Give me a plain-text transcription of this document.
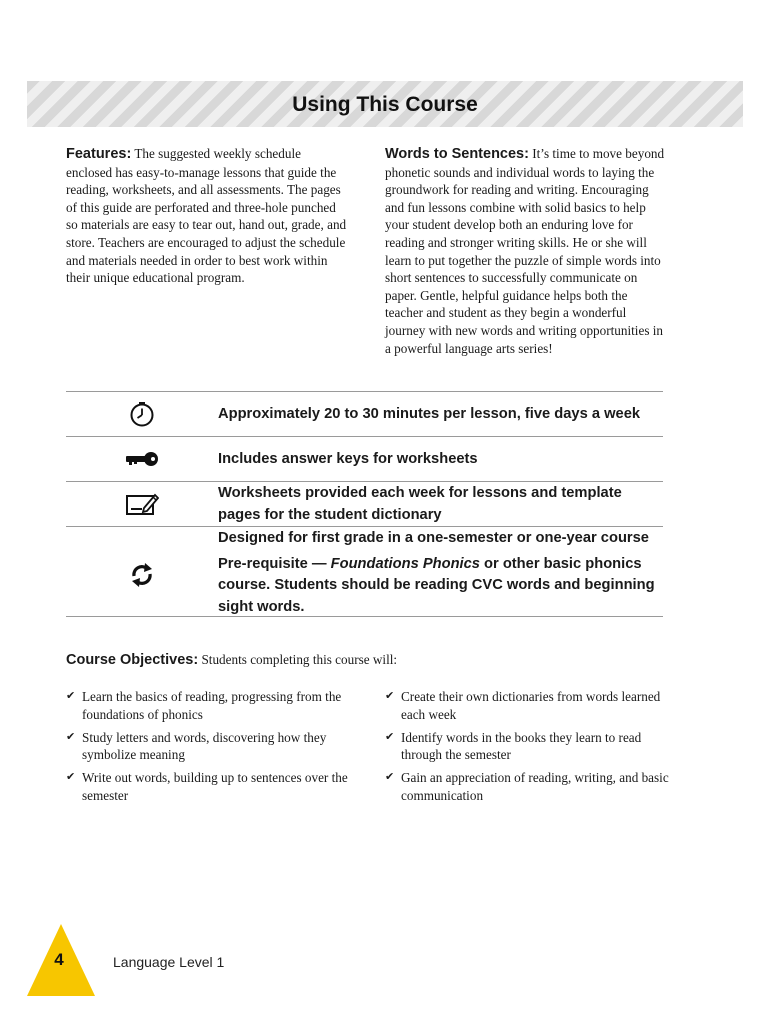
Using This Course
Features: The suggested weekly schedule enclosed has easy-to-manage lessons that guide the reading, worksheets, and all assessments. The pages of this guide are perforated and three-hole punched so materials are easy to tear out, hand out, grade, and store. Teachers are encouraged to adjust the schedule and materials needed in order to best work within their unique educational program.
Words to Sentences: It’s time to move beyond phonetic sounds and individual words to laying the groundwork for reading and writing. Encouraging and fun lessons combine with solid basics to help your student develop both an enduring love for reading and stronger writing skills. He or she will learn to put together the puzzle of simple words into short sentences to successfully communicate on paper. Gentle, helpful guidance helps both the teacher and student as they begin a wonderful journey with new words and writing opportunities in a powerful language arts series!
Approximately 20 to 30 minutes per lesson, five days a week
Includes answer keys for worksheets
Worksheets provided each week for lessons and template pages for the student dictionary
Designed for first grade in a one-semester or one-year course
Pre-requisite — Foundations Phonics or other basic phonics course. Students should be reading CVC words and beginning sight words.
Course Objectives: Students completing this course will:
✔ Learn the basics of reading, progressing from the foundations of phonics
✔ Study letters and words, discovering how they symbolize meaning
✔ Write out words, building up to sentences over the semester
✔ Create their own dictionaries from words learned each week
✔ Identify words in the books they learn to read through the semester
✔ Gain an appreciation of reading, writing, and basic communication
4	Language Level 1
